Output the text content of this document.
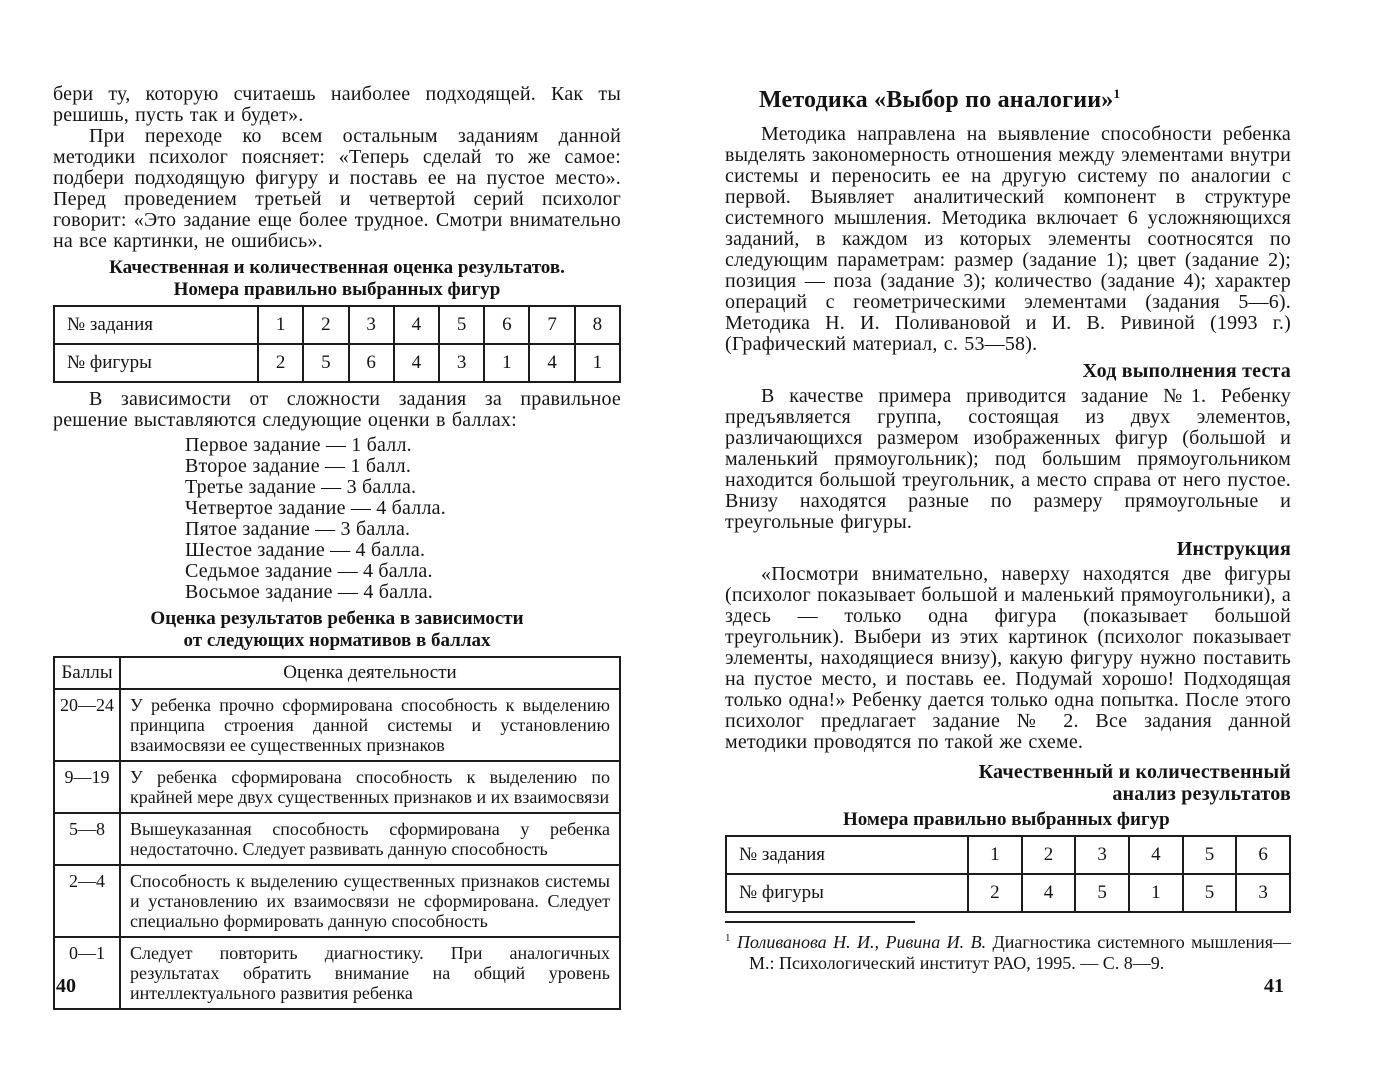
бери ту, которую считаешь наиболее подходящей. Как ты решишь, пусть так и будет».

При переходе ко всем остальным заданиям данной методики психолог поясняет: «Теперь сделай то же самое: подбери подходящую фигуру и поставь ее на пустое место». Перед проведением третьей и четвертой серий психолог говорит: «Это задание еще более трудное. Смотри внимательно на все картинки, не ошибись».

Качественная и количественная оценка результатов.
Номера правильно выбранных фигур
№ задания	1	2	3	4	5	6	7	8
№ фигуры	2	5	6	4	3	1	4	1

В зависимости от сложности задания за правильное решение выставляются следующие оценки в баллах:

Первое задание — 1 балл.
Второе задание — 1 балл.
Третье задание — 3 балла.
Четвертое задание — 4 балла.
Пятое задание — 3 балла.
Шестое задание — 4 балла.
Седьмое задание — 4 балла.
Восьмое задание — 4 балла.
Оценка результатов ребенка в зависимости
от следующих нормативов в баллах
Баллы	Оценка деятельности
20—24	У ребенка прочно сформирована способность к выделению принципа строения данной системы и установлению взаимосвязи ее существенных признаков
9—19	У ребенка сформирована способность к выделению по крайней мере двух существенных признаков и их взаимосвязи
5—8	Вышеуказанная способность сформирована у ребенка недостаточно. Следует развивать данную способность
2—4	Способность к выделению существенных признаков системы и установлению их взаимосвязи не сформирована. Следует специально формировать данную способность
0—1	Следует повторить диагностику. При аналогичных результатах обратить внимание на общий уровень интеллектуального развития ребенка
Методика «Выбор по аналогии»$^1$

Методика направлена на выявление способности ребенка выделять закономерность отношения между элементами внутри системы и переносить ее на другую систему по аналогии с первой. Выявляет аналитический компонент в структуре системного мышления. Методика включает 6 усложняющихся заданий, в каждом из которых элементы соотносятся по следующим параметрам: размер (задание 1); цвет (задание 2); позиция — поза (задание 3); количество (задание 4); характер операций с геометрическими элементами (задания 5—6). Методика Н. И. Поливановой и И. В. Ривиной (1993 г.) (Графический материал, с. 53—58).

Ход выполнения теста

В качестве примера приводится задание №1. Ребенку предъявляется группа, состоящая из двух элементов, различающихся размером изображенных фигур (большой и маленький прямоугольник); под большим прямоугольником находится большой треугольник, а место справа от него пустое. Внизу находятся разные по размеру прямоугольные и треугольные фигуры.

Инструкция

«Посмотри внимательно, наверху находятся две фигуры (психолог показывает большой и маленький прямоугольники), а здесь — только одна фигура (показывает большой треугольник). Выбери из этих картинок (психолог показывает элементы, находящиеся внизу), какую фигуру нужно поставить на пустое место, и поставь ее. Подумай хорошо! Подходящая только одна!» Ребенку дается только одна попытка. После этого психолог предлагает задание № 2. Все задания данной методики проводятся по такой же схеме.

Качественный и количественный
анализ результатов
Номера правильно выбранных фигур
№ задания	1	2	3	4	5	6
№ фигуры	2	4	5	1	5	3
$^1$ Поливанова Н. И., Ривина И. В. Диагностика системного мышления— М.: Психологический институт РАО, 1995. — С. 8—9.
40	41
